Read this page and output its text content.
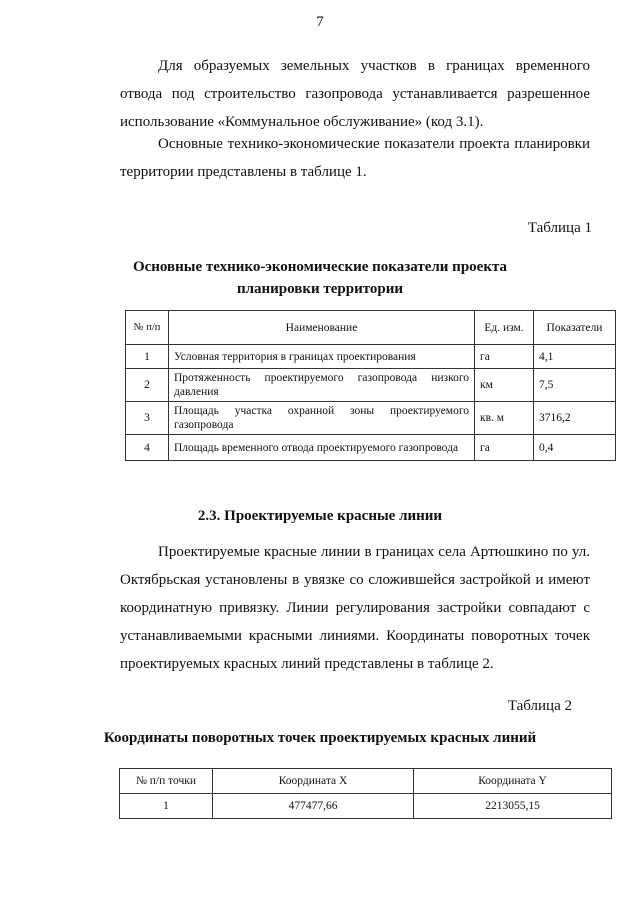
7
Для образуемых земельных участков в границах временного отвода под строительство газопровода устанавливается разрешенное использование «Коммунальное обслуживание» (код 3.1).
Основные технико-экономические показатели проекта планировки территории представлены в таблице 1.
Таблица 1
Основные технико-экономические показатели проекта
планировки территории
№ п/п	Наименование	Ед. изм.	Показатели
1	Условная территория в границах проектирования	га	4,1
2	Протяженность проектируемого газопровода низкого давления	км	7,5
3	Площадь участка охранной зоны проектируемого газопровода	кв. м	3716,2
4	Площадь временного отвода проектируемого газопровода	га	0,4
2.3. Проектируемые красные линии
Проектируемые красные линии в границах села Артюшкино по ул. Октябрьская установлены в увязке со сложившейся застройкой и имеют координатную привязку. Линии регулирования застройки совпадают с устанавливаемыми красными линиями. Координаты поворотных точек проектируемых красных линий представлены в таблице 2.
Таблица 2
Координаты поворотных точек проектируемых красных линий
№ п/п точки	Координата X	Координата Y
1	477477,66	2213055,15
